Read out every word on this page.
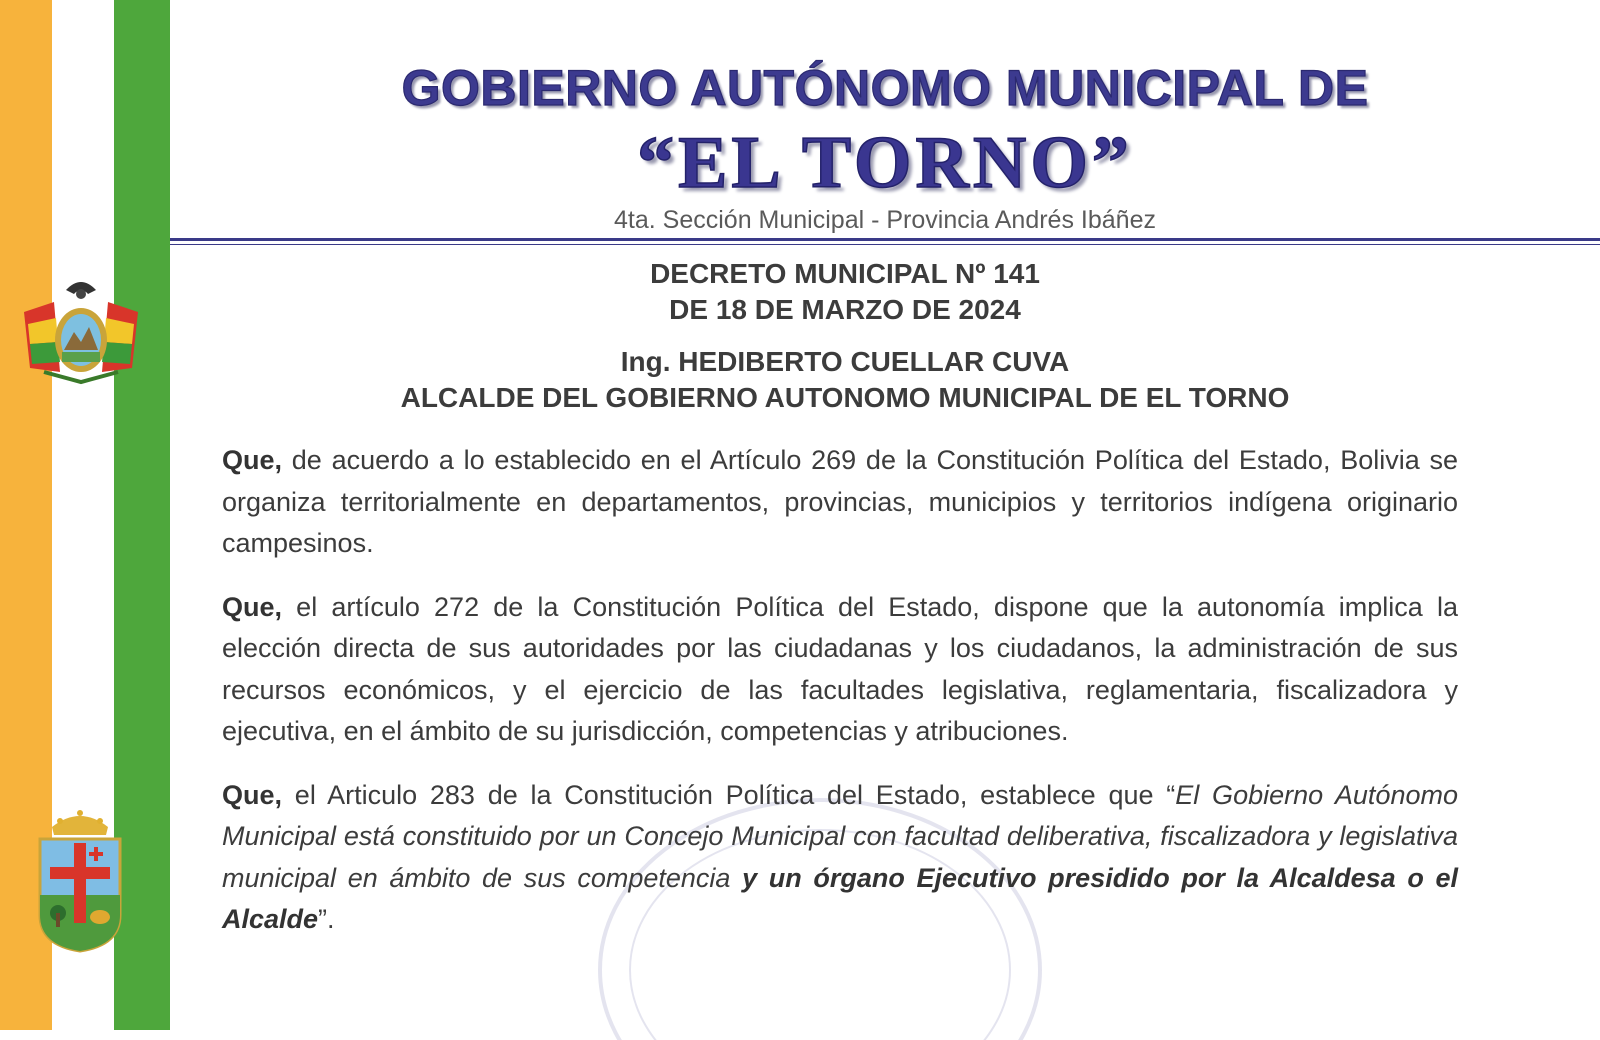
GOBIERNO AUTÓNOMO MUNICIPAL DE
“EL TORNO”
4ta. Sección Municipal - Provincia Andrés Ibáñez
DECRETO MUNICIPAL Nº 141
DE 18 DE MARZO DE 2024
Ing. HEDIBERTO CUELLAR CUVA
ALCALDE DEL GOBIERNO AUTONOMO MUNICIPAL DE EL TORNO

Que, de acuerdo a lo establecido en el Artículo 269 de la Constitución Política del Estado, Bolivia se organiza territorialmente en departamentos, provincias, municipios y territorios indígena originario campesinos.

Que, el artículo 272 de la Constitución Política del Estado, dispone que la autonomía implica la elección directa de sus autoridades por las ciudadanas y los ciudadanos, la administración de sus recursos económicos, y el ejercicio de las facultades legislativa, reglamentaria, fiscalizadora y ejecutiva, en el ámbito de su jurisdicción, competencias y atribuciones.

Que, el Articulo 283 de la Constitución Política del Estado, establece que “El Gobierno Autónomo Municipal está constituido por un Concejo Municipal con facultad deliberativa, fiscalizadora y legislativa municipal en ámbito de sus competencia y un órgano Ejecutivo presidido por la Alcaldesa o el Alcalde”.
